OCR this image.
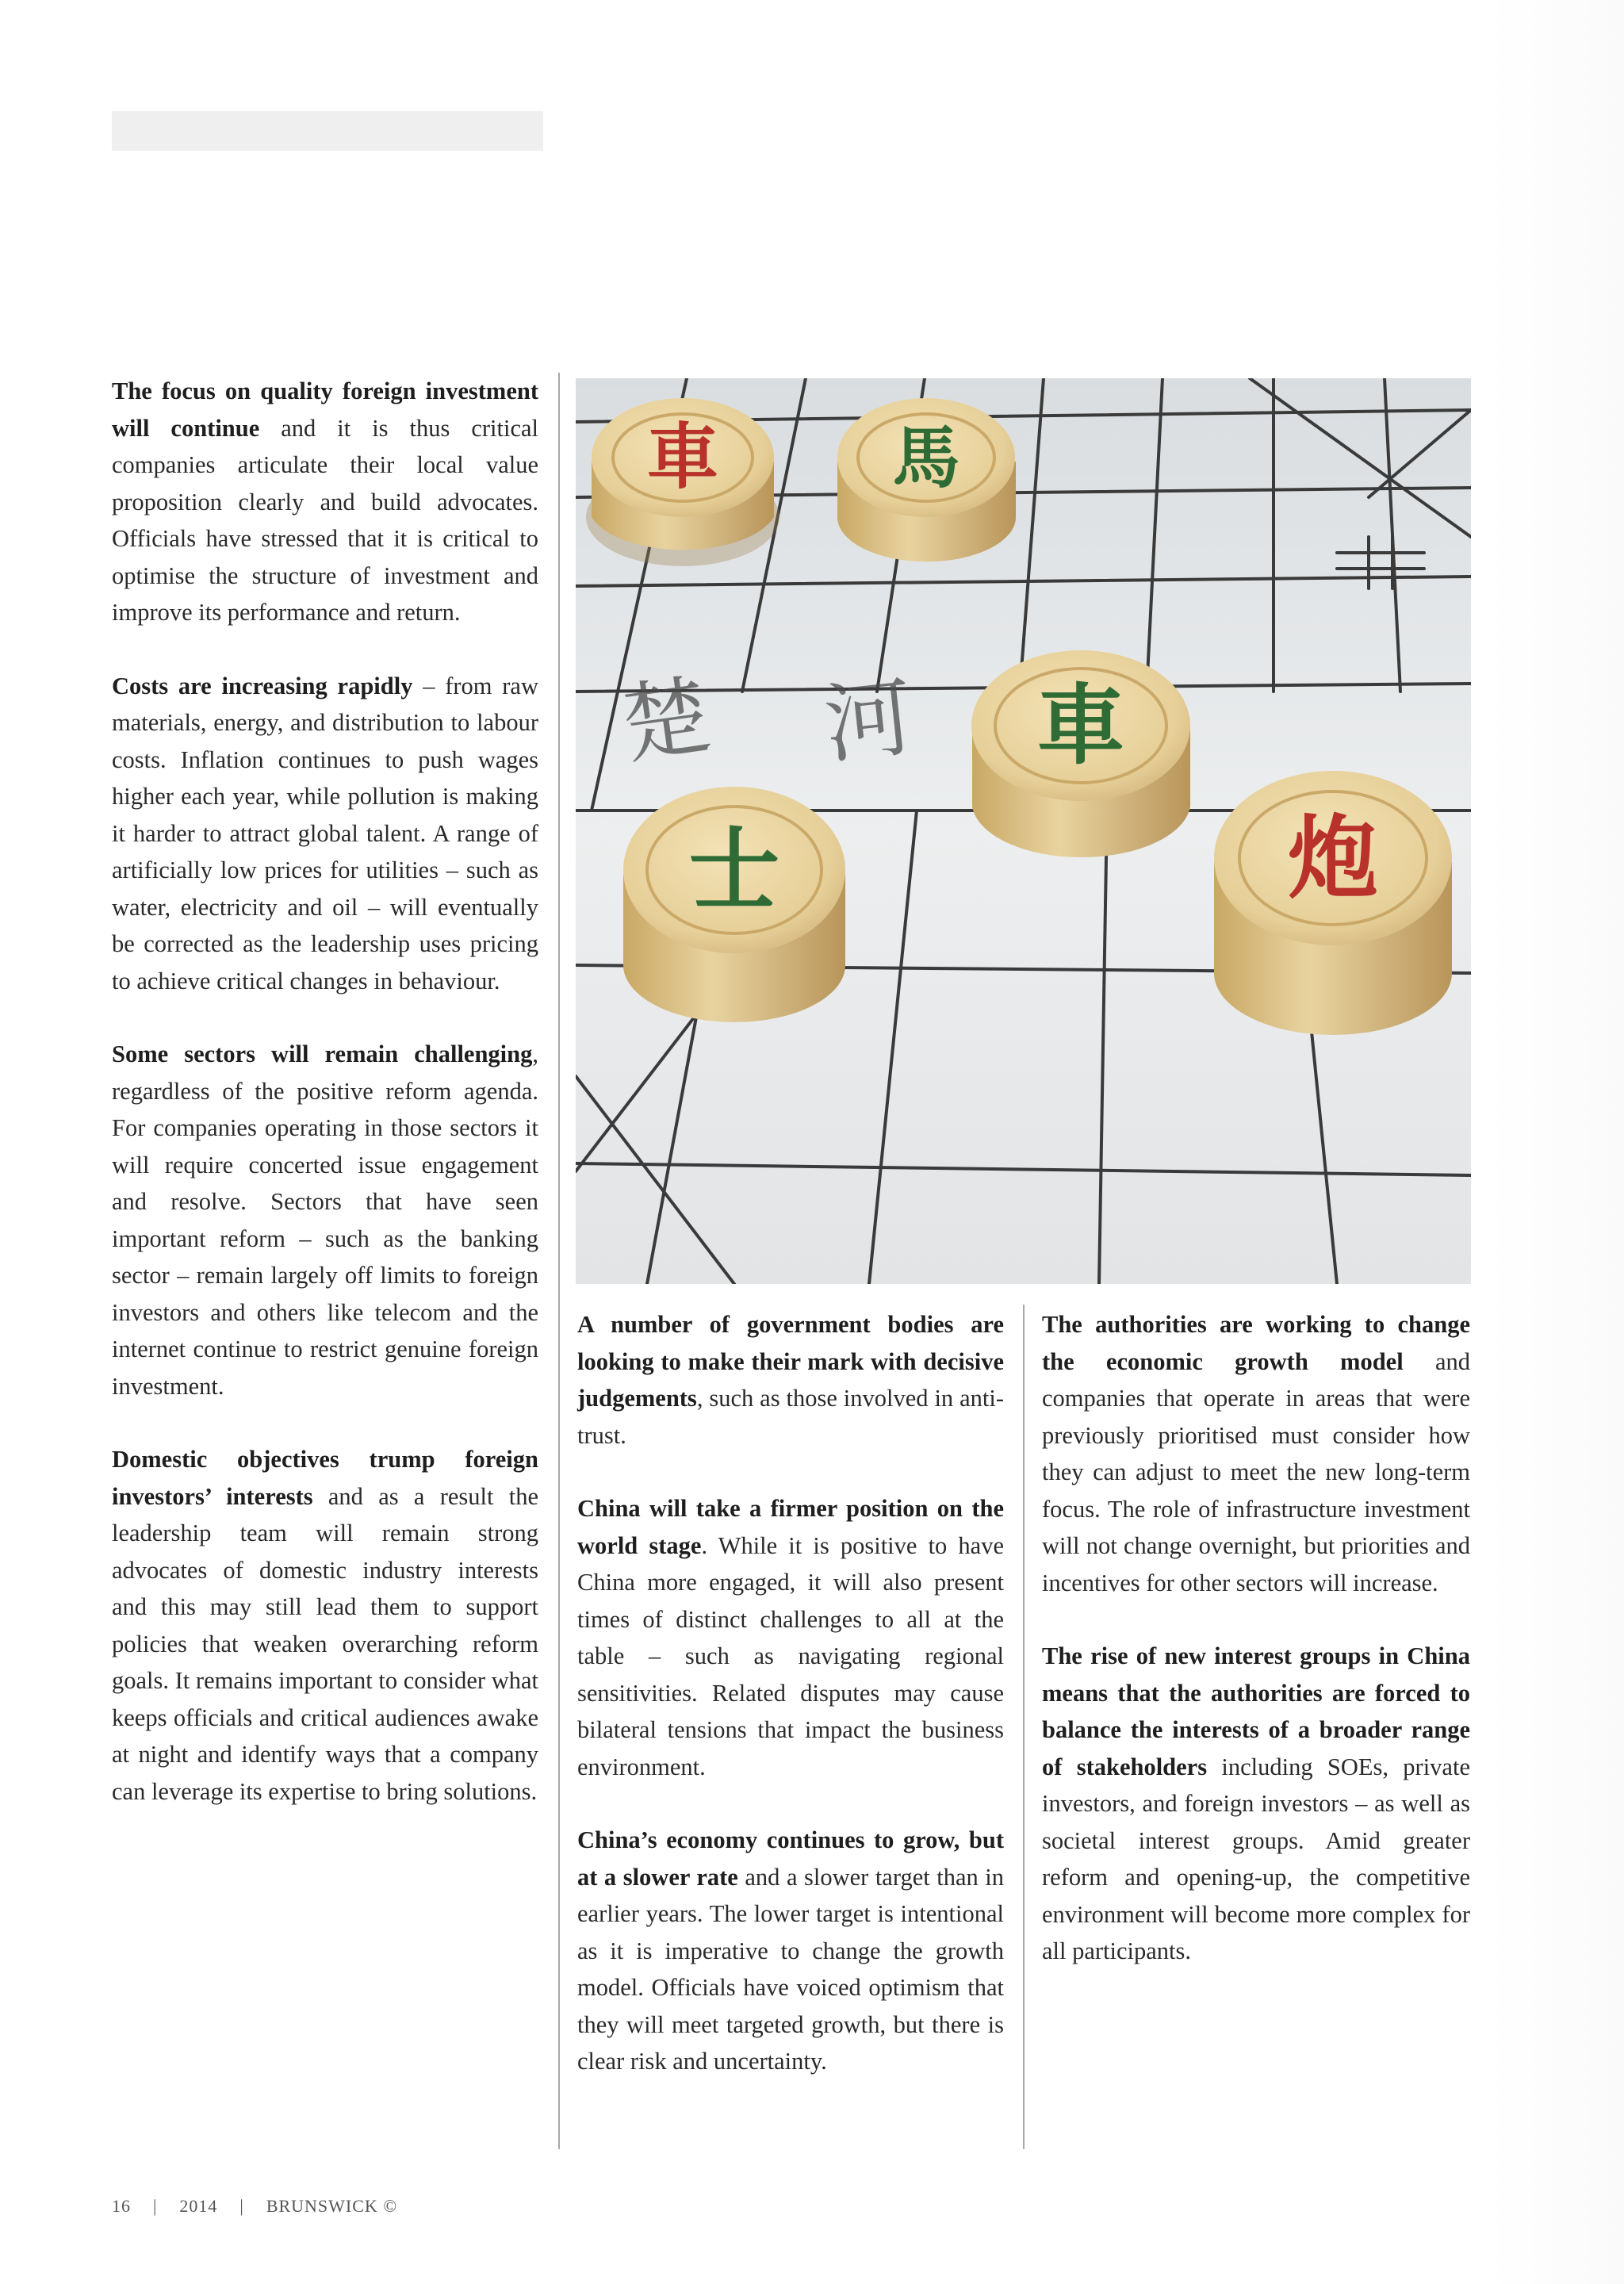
The focus on quality foreign investment will continue and it is thus critical companies articulate their local value proposition clearly and build advocates. Officials have stressed that it is critical to optimise the structure of investment and improve its performance and return.

Costs are increasing rapidly – from raw materials, energy, and distribution to labour costs. Inflation continues to push wages higher each year, while pollution is making it harder to attract global talent. A range of artificially low prices for utilities – such as water, electricity and oil – will eventually be corrected as the leadership uses pricing to achieve critical changes in behaviour.

Some sectors will remain challenging, regardless of the positive reform agenda. For companies operating in those sectors it will require concerted issue engagement and resolve. Sectors that have seen important reform – such as the banking sector – remain largely off limits to foreign investors and others like telecom and the internet continue to restrict genuine foreign investment.

Domestic objectives trump foreign investors’ interests and as a result the leadership team will remain strong advocates of domestic industry interests and this may still lead them to support policies that weaken overarching reform goals. It remains important to consider what keeps officials and critical audiences awake at night and identify ways that a company can leverage its expertise to bring solutions.

楚 河
車	馬
車
士	炮

A number of government bodies are looking to make their mark with decisive judgements, such as those involved in anti-trust.

China will take a firmer position on the world stage. While it is positive to have China more engaged, it will also present times of distinct challenges to all at the table – such as navigating regional sensitivities. Related disputes may cause bilateral tensions that impact the business environment.

China’s economy continues to grow, but at a slower rate and a slower target than in earlier years. The lower target is intentional as it is imperative to change the growth model. Officials have voiced optimism that they will meet targeted growth, but there is clear risk and uncertainty.

The authorities are working to change the economic growth model and companies that operate in areas that were previously prioritised must consider how they can adjust to meet the new long-term focus. The role of infrastructure investment will not change overnight, but priorities and incentives for other sectors will increase.

The rise of new interest groups in China means that the authorities are forced to balance the interests of a broader range of stakeholders including SOEs, private investors, and foreign investors – as well as societal interest groups. Amid greater reform and opening-up, the competitive environment will become more complex for all participants.

16 | 2014 | BRUNSWICK ©
